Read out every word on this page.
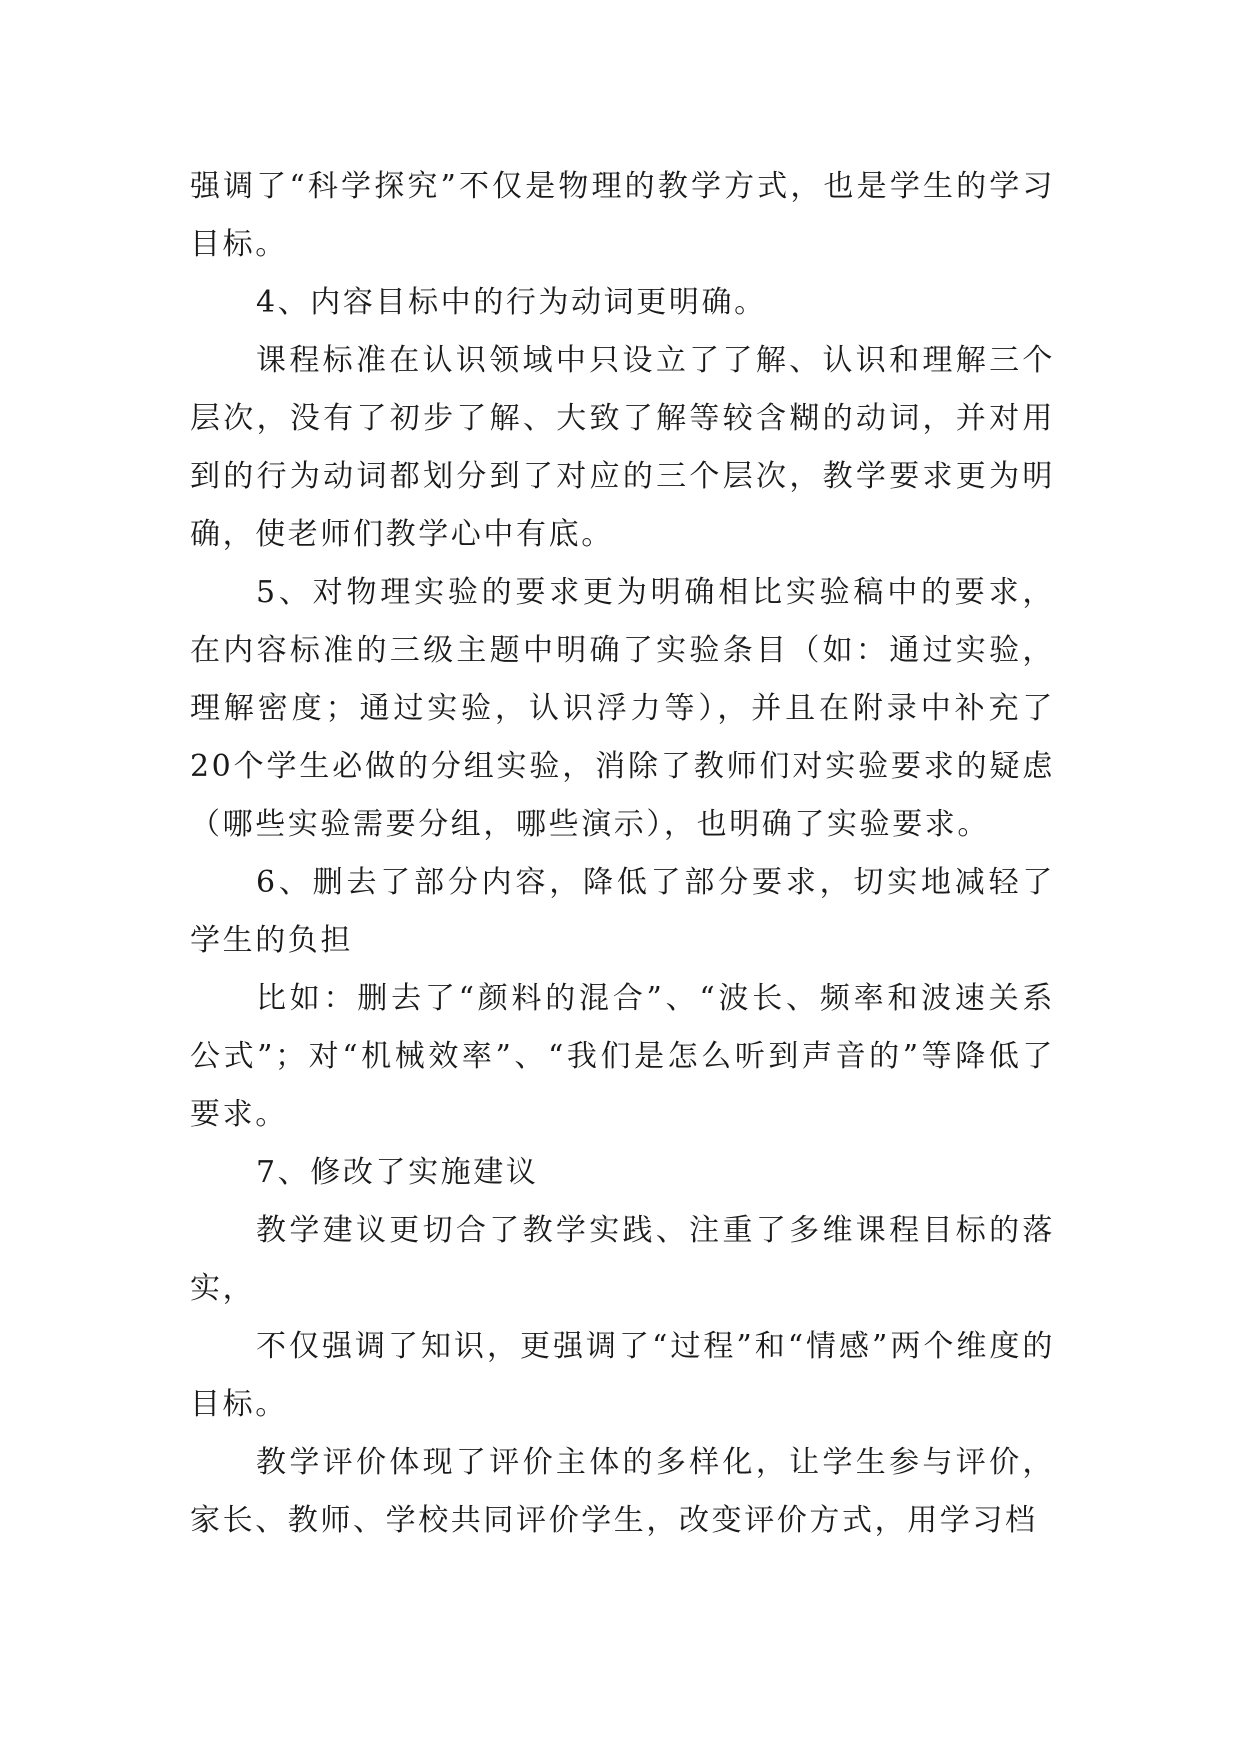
强调了“科学探究”不仅是物理的教学方式，也是学生的学习目标。

4、内容目标中的行为动词更明确。

课程标准在认识领域中只设立了了解、认识和理解三个层次，没有了初步了解、大致了解等较含糊的动词，并对用到的行为动词都划分到了对应的三个层次，教学要求更为明确，使老师们教学心中有底。

5、对物理实验的要求更为明确相比实验稿中的要求，在内容标准的三级主题中明确了实验条目（如：通过实验，理解密度；通过实验，认识浮力等），并且在附录中补充了20个学生必做的分组实验，消除了教师们对实验要求的疑虑（哪些实验需要分组，哪些演示），也明确了实验要求。

6、删去了部分内容，降低了部分要求，切实地减轻了学生的负担

比如：删去了“颜料的混合”、“波长、频率和波速关系公式”；对“机械效率”、“我们是怎么听到声音的”等降低了要求。

7、修改了实施建议

教学建议更切合了教学实践、注重了多维课程目标的落实，

不仅强调了知识，更强调了“过程”和“情感”两个维度的目标。

教学评价体现了评价主体的多样化，让学生参与评价，家长、教师、学校共同评价学生，改变评价方式，用学习档
